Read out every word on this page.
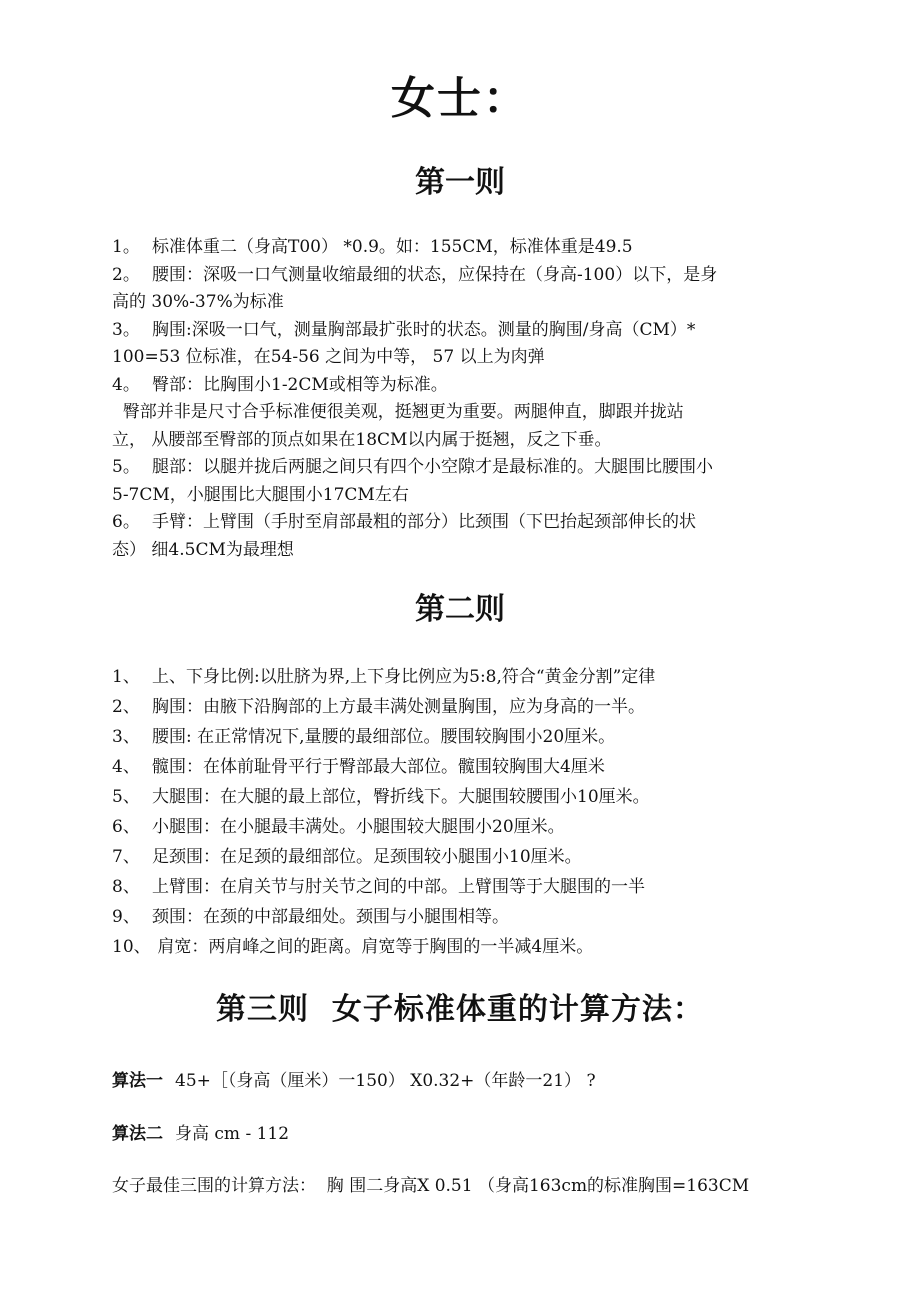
女士：
第一则

1。 标准体重二（身高T00） *0.9。如：155CM，标准体重是49.5

2。 腰围：深吸一口气测量收缩最细的状态，应保持在（身高-100）以下，是身

高的 30%-37%为标准

3。 胸围:深吸一口气，测量胸部最扩张时的状态。测量的胸围/身高（CM）*

100=53 位标准，在54-56 之间为中等， 57 以上为肉弹

4。 臀部：比胸围小1-2CM或相等为标准。

臀部并非是尺寸合乎标准便很美观，挺翘更为重要。两腿伸直，脚跟并拢站

立， 从腰部至臀部的顶点如果在18CM以内属于挺翘，反之下垂。

5。 腿部：以腿并拢后两腿之间只有四个小空隙才是最标准的。大腿围比腰围小

5-7CM，小腿围比大腿围小17CM左右

6。 手臂：上臂围（手肘至肩部最粗的部分）比颈围（下巴抬起颈部伸长的状

态） 细4.5CM为最理想

第二则

1、 上、下身比例:以肚脐为界,上下身比例应为5:8,符合“黄金分割”定律

2、 胸围：由腋下沿胸部的上方最丰满处测量胸围，应为身高的一半。

3、 腰围: 在正常情况下,量腰的最细部位。腰围较胸围小20厘米。

4、 髋围：在体前耻骨平行于臀部最大部位。髋围较胸围大4厘米

5、 大腿围：在大腿的最上部位，臀折线下。大腿围较腰围小10厘米。

6、 小腿围：在小腿最丰满处。小腿围较大腿围小20厘米。

7、 足颈围：在足颈的最细部位。足颈围较小腿围小10厘米。

8、 上臂围：在肩关节与肘关节之间的中部。上臂围等于大腿围的一半

9、 颈围：在颈的中部最细处。颈围与小腿围相等。

10、 肩宽：两肩峰之间的距离。肩宽等于胸围的一半减4厘米。

第三则  女子标准体重的计算方法：

算法一 45+［（身高（厘米）一150） X0.32+（年龄一21） ?

算法二 身高 cm - 112

女子最佳三围的计算方法：  胸 围二身高X 0.51 （身高163cm的标准胸围=163CM
